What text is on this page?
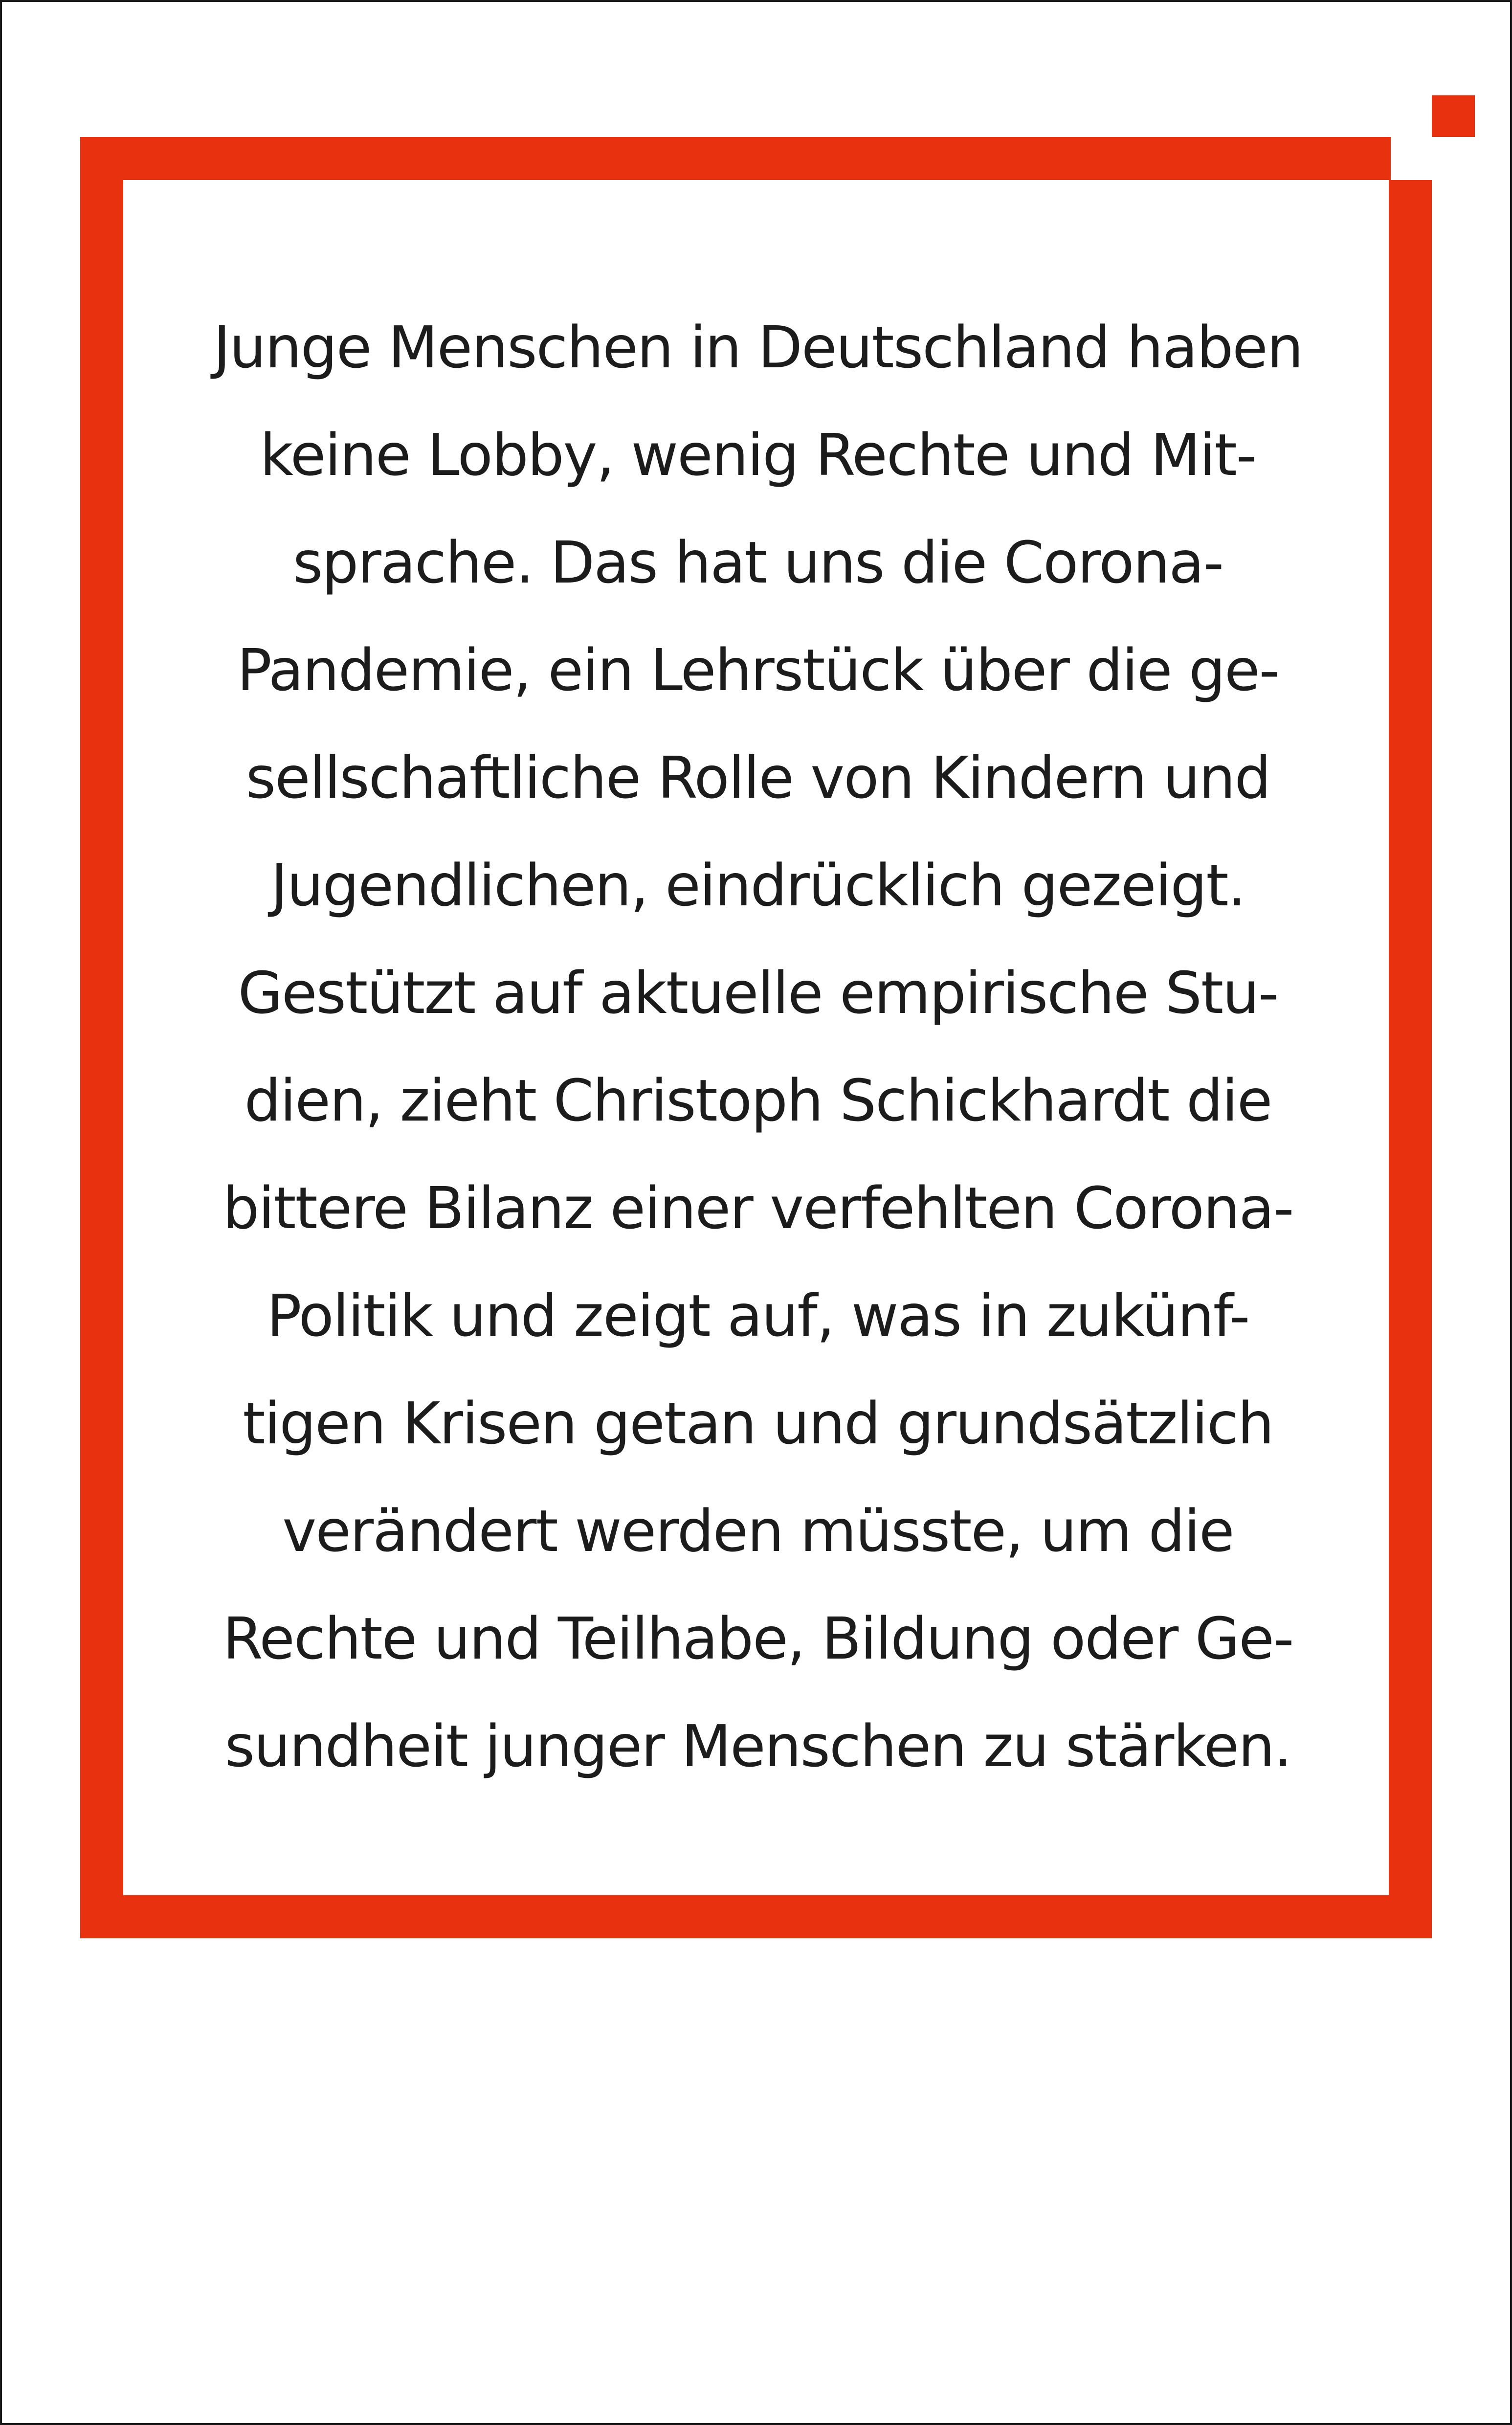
Junge Menschen in Deutschland haben
keine Lobby, wenig Rechte und Mit-
sprache. Das hat uns die Corona-
Pandemie, ein Lehrstück über die ge-
sellschaftliche Rolle von Kindern und
Jugendlichen, eindrücklich gezeigt.
Gestützt auf aktuelle empirische Stu-
dien, zieht Christoph Schickhardt die
bittere Bilanz einer verfehlten Corona-
Politik und zeigt auf, was in zukünf-
tigen Krisen getan und grundsätzlich
verändert werden müsste, um die
Rechte und Teilhabe, Bildung oder Ge-
sundheit junger Menschen zu stärken.
